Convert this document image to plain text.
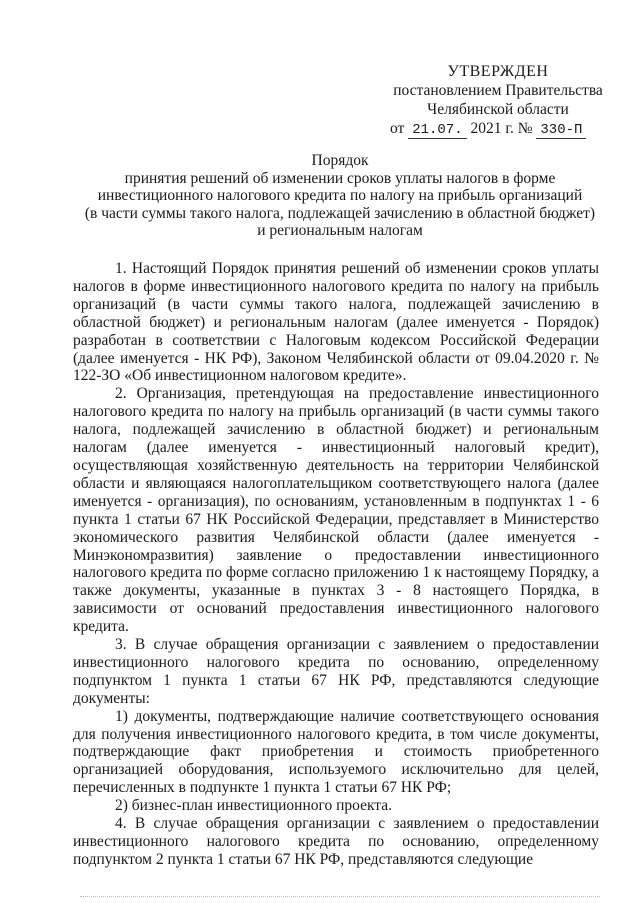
УТВЕРЖДЕН
постановлением Правительства
Челябинской области
от 21.07. 2021 г. № 330-П
Порядок
принятия решений об изменении сроков уплаты налогов в форме
инвестиционного налогового кредита по налогу на прибыль организаций
(в части суммы такого налога, подлежащей зачислению в областной бюджет)
и региональным налогам

1. Настоящий Порядок принятия решений об изменении сроков уплаты налогов в форме инвестиционного налогового кредита по налогу на прибыль организаций (в части суммы такого налога, подлежащей зачислению в областной бюджет) и региональным налогам (далее именуется - Порядок) разработан в соответствии с Налоговым кодексом Российской Федерации (далее именуется - НК РФ), Законом Челябинской области от 09.04.2020 г. № 122-ЗО «Об инвестиционном налоговом кредите».

2. Организация, претендующая на предоставление инвестиционного налогового кредита по налогу на прибыль организаций (в части суммы такого налога, подлежащей зачислению в областной бюджет) и региональным налогам (далее именуется - инвестиционный налоговый кредит), осуществляющая хозяйственную деятельность на территории Челябинской области и являющаяся налогоплательщиком соответствующего налога (далее именуется - организация), по основаниям, установленным в подпунктах 1 - 6 пункта 1 статьи 67 НК Российской Федерации, представляет в Министерство экономического развития Челябинской области (далее именуется - Минэкономразвития) заявление о предоставлении инвестиционного налогового кредита по форме согласно приложению 1 к настоящему Порядку, а также документы, указанные в пунктах 3 - 8 настоящего Порядка, в зависимости от оснований предоставления инвестиционного налогового кредита.

3. В случае обращения организации с заявлением о предоставлении инвестиционного налогового кредита по основанию, определенному подпунктом 1 пункта 1 статьи 67 НК РФ, представляются следующие документы:

1) документы, подтверждающие наличие соответствующего основания для получения инвестиционного налогового кредита, в том числе документы, подтверждающие факт приобретения и стоимость приобретенного организацией оборудования, используемого исключительно для целей, перечисленных в подпункте 1 пункта 1 статьи 67 НК РФ;

2) бизнес-план инвестиционного проекта.

4. В случае обращения организации с заявлением о предоставлении инвестиционного налогового кредита по основанию, определенному подпунктом 2 пункта 1 статьи 67 НК РФ, представляются следующие
